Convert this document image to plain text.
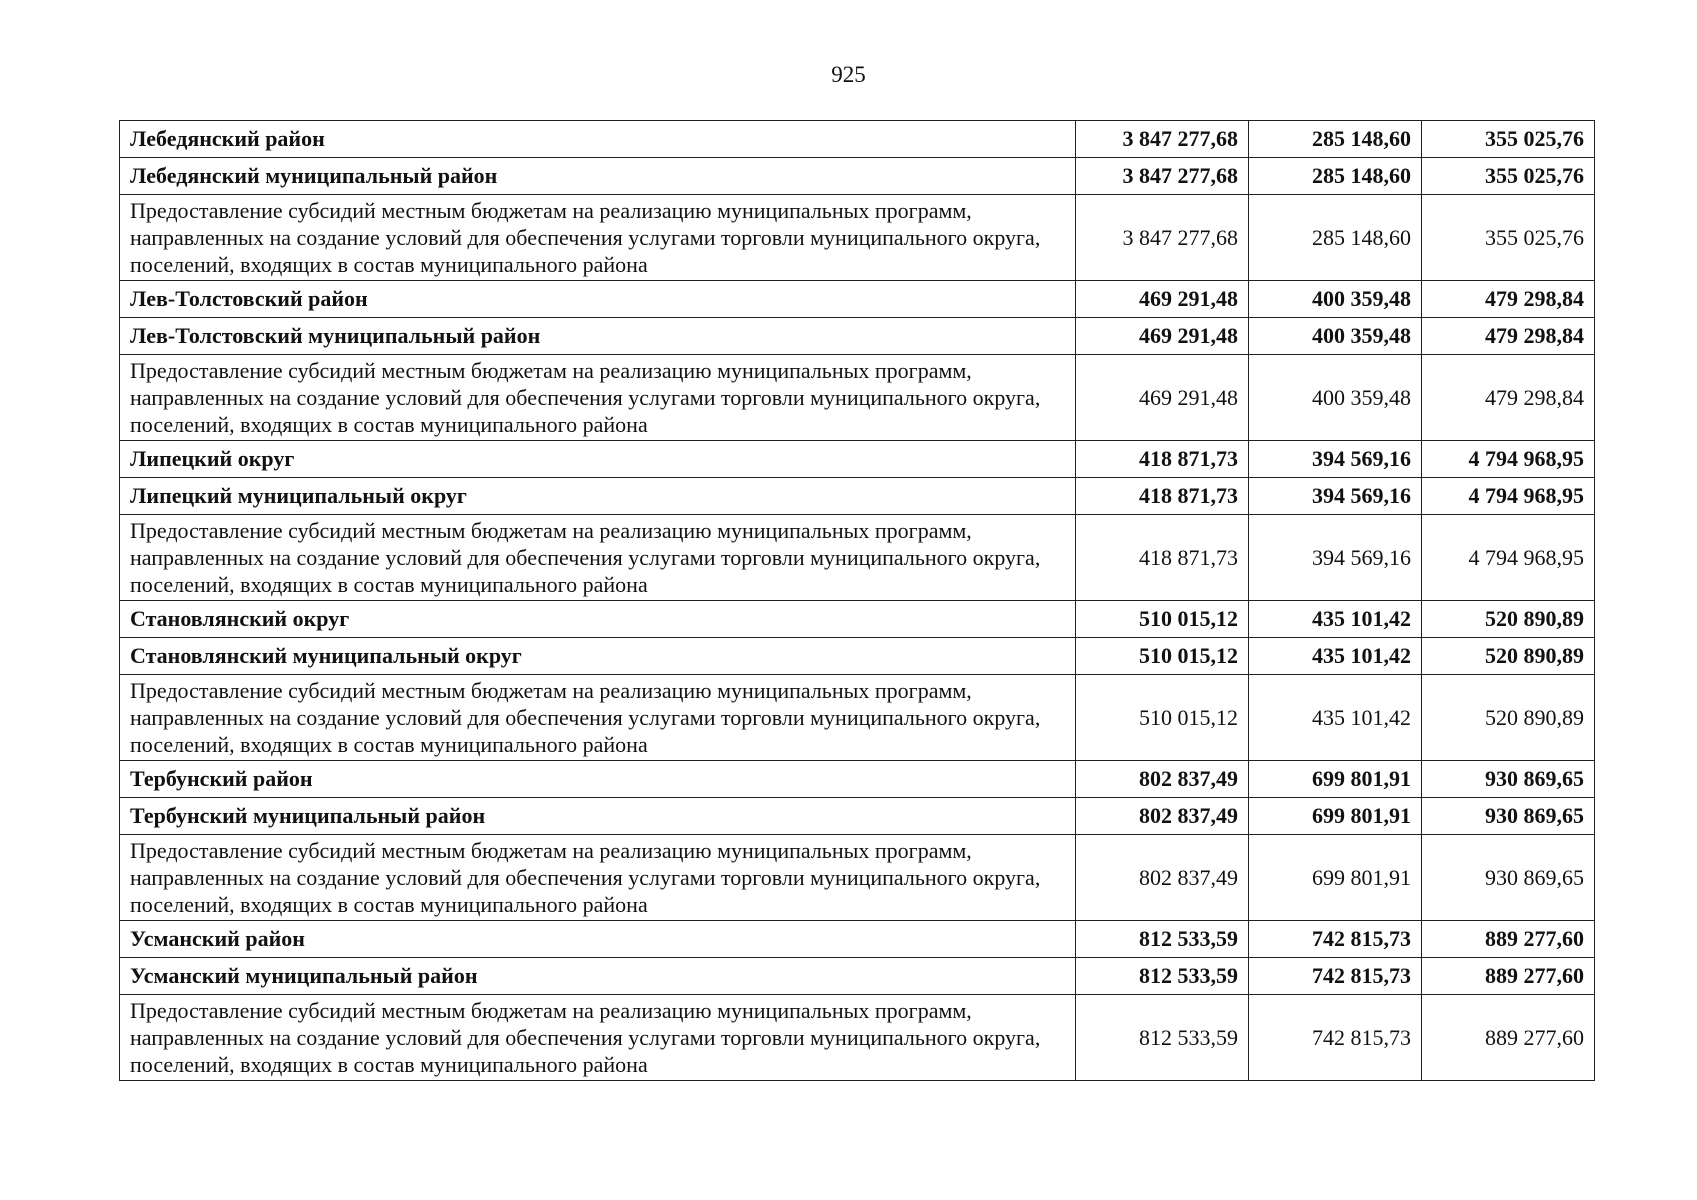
925
Лебедянский район	3 847 277,68	285 148,60	355 025,76
Лебедянский муниципальный район	3 847 277,68	285 148,60	355 025,76
Предоставление субсидий местным бюджетам на реализацию муниципальных программ, направленных на создание условий для обеспечения услугами торговли муниципального округа, поселений, входящих в состав муниципального района	3 847 277,68	285 148,60	355 025,76
Лев-Толстовский район	469 291,48	400 359,48	479 298,84
Лев-Толстовский муниципальный район	469 291,48	400 359,48	479 298,84
Предоставление субсидий местным бюджетам на реализацию муниципальных программ, направленных на создание условий для обеспечения услугами торговли муниципального округа, поселений, входящих в состав муниципального района	469 291,48	400 359,48	479 298,84
Липецкий округ	418 871,73	394 569,16	4 794 968,95
Липецкий муниципальный округ	418 871,73	394 569,16	4 794 968,95
Предоставление субсидий местным бюджетам на реализацию муниципальных программ, направленных на создание условий для обеспечения услугами торговли муниципального округа, поселений, входящих в состав муниципального района	418 871,73	394 569,16	4 794 968,95
Становлянский округ	510 015,12	435 101,42	520 890,89
Становлянский муниципальный округ	510 015,12	435 101,42	520 890,89
Предоставление субсидий местным бюджетам на реализацию муниципальных программ, направленных на создание условий для обеспечения услугами торговли муниципального округа, поселений, входящих в состав муниципального района	510 015,12	435 101,42	520 890,89
Тербунский район	802 837,49	699 801,91	930 869,65
Тербунский муниципальный район	802 837,49	699 801,91	930 869,65
Предоставление субсидий местным бюджетам на реализацию муниципальных программ, направленных на создание условий для обеспечения услугами торговли муниципального округа, поселений, входящих в состав муниципального района	802 837,49	699 801,91	930 869,65
Усманский район	812 533,59	742 815,73	889 277,60
Усманский муниципальный район	812 533,59	742 815,73	889 277,60
Предоставление субсидий местным бюджетам на реализацию муниципальных программ, направленных на создание условий для обеспечения услугами торговли муниципального округа, поселений, входящих в состав муниципального района	812 533,59	742 815,73	889 277,60
